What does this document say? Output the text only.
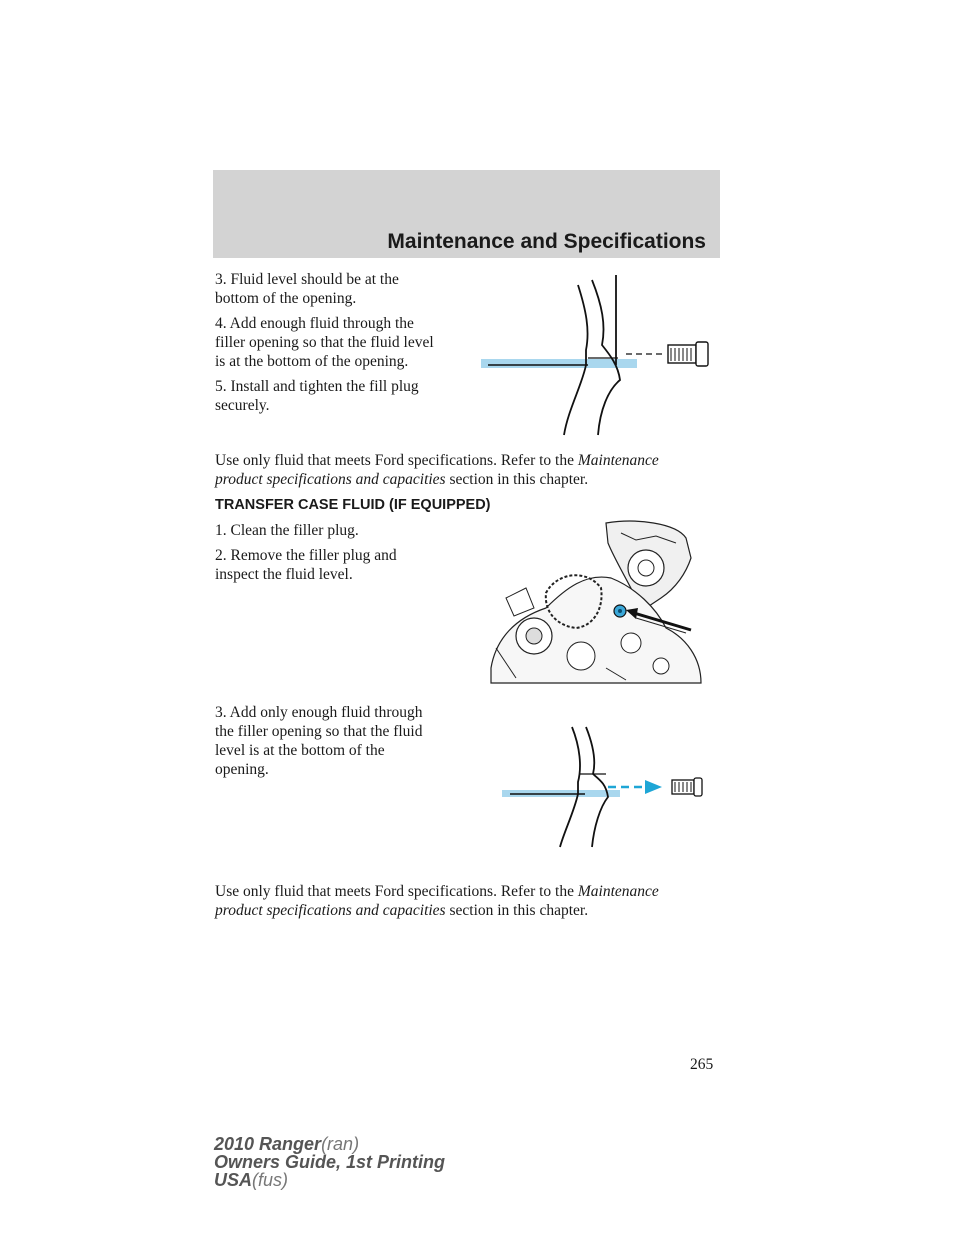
Maintenance and Specifications
3. Fluid level should be at the
bottom of the opening.
4. Add enough fluid through the
filler opening so that the fluid level
is at the bottom of the opening.
5. Install and tighten the fill plug
securely.
Use only fluid that meets Ford specifications. Refer to the Maintenance
product specifications and capacities section in this chapter.
TRANSFER CASE FLUID (IF EQUIPPED)
1. Clean the filler plug.
2. Remove the filler plug and
inspect the fluid level.
3. Add only enough fluid through
the filler opening so that the fluid
level is at the bottom of the
opening.
Use only fluid that meets Ford specifications. Refer to the Maintenance
product specifications and capacities section in this chapter.
265
2010 Ranger(ran)
Owners Guide, 1st Printing
USA(fus)
